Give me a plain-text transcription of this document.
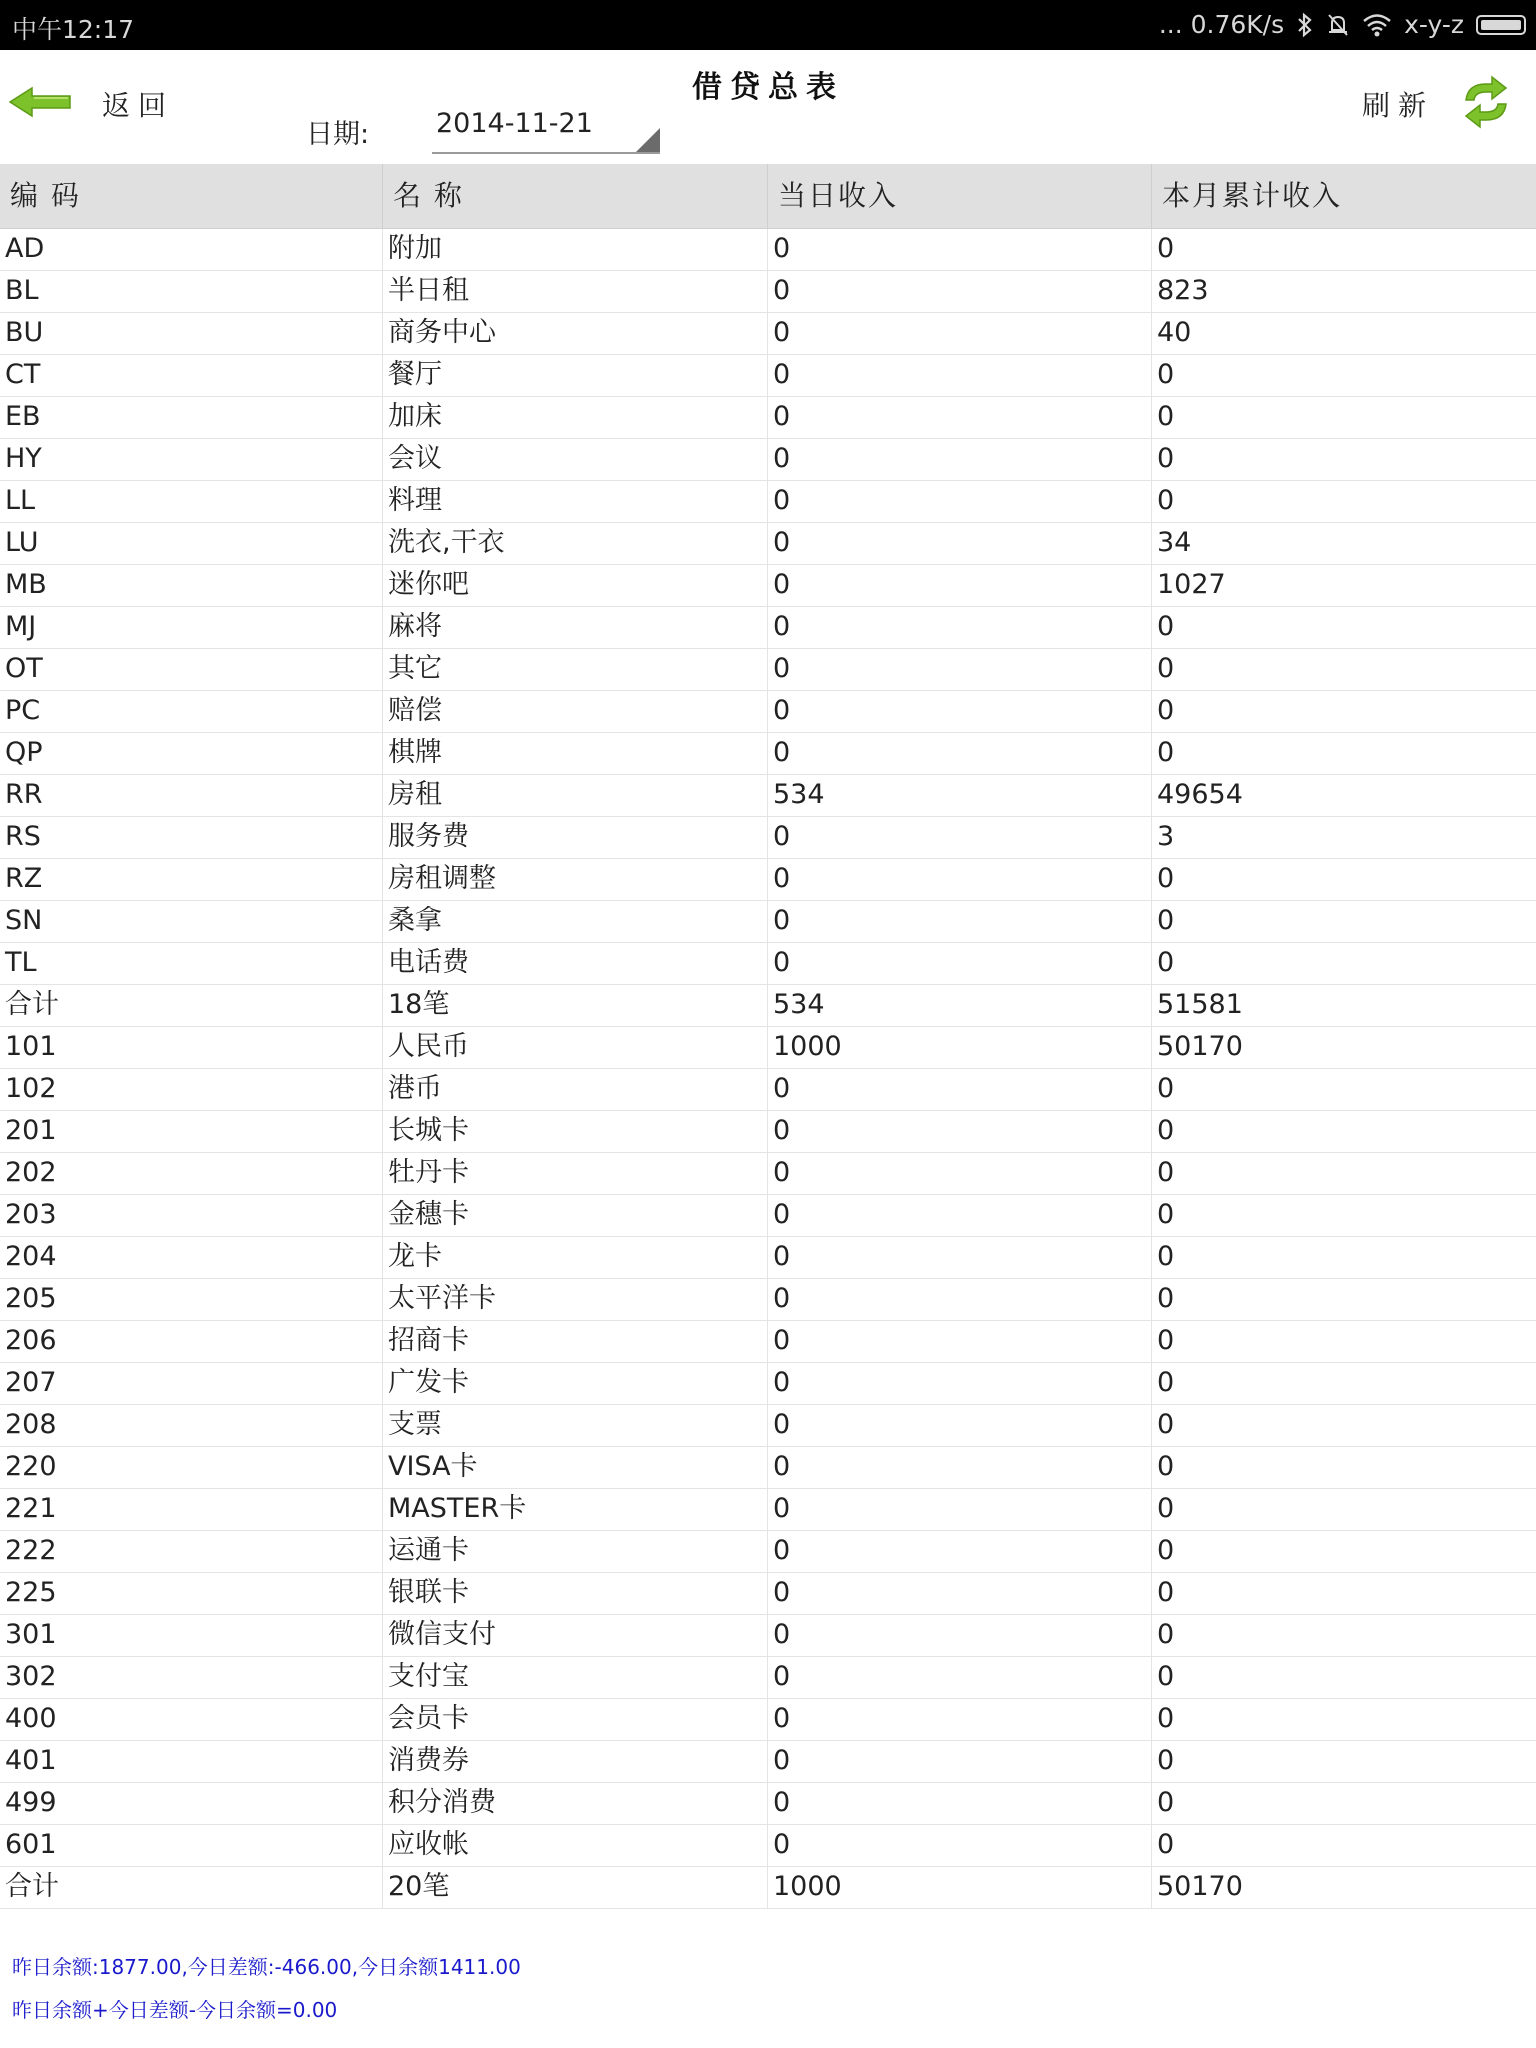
中午12:17	... 0.76K/s	x-y-z
返回
借贷总表
日期: 2014-11-21
刷新
编 码	名 称	当日收入	本月累计收入
AD	附加	0	0
BL	半日租	0	823
BU	商务中心	0	40
CT	餐厅	0	0
EB	加床	0	0
HY	会议	0	0
LL	料理	0	0
LU	洗衣,干衣	0	34
MB	迷你吧	0	1027
MJ	麻将	0	0
OT	其它	0	0
PC	赔偿	0	0
QP	棋牌	0	0
RR	房租	534	49654
RS	服务费	0	3
RZ	房租调整	0	0
SN	桑拿	0	0
TL	电话费	0	0
合计	18笔	534	51581
101	人民币	1000	50170
102	港币	0	0
201	长城卡	0	0
202	牡丹卡	0	0
203	金穗卡	0	0
204	龙卡	0	0
205	太平洋卡	0	0
206	招商卡	0	0
207	广发卡	0	0
208	支票	0	0
220	VISA卡	0	0
221	MASTER卡	0	0
222	运通卡	0	0
225	银联卡	0	0
301	微信支付	0	0
302	支付宝	0	0
400	会员卡	0	0
401	消费券	0	0
499	积分消费	0	0
601	应收帐	0	0
合计	20笔	1000	50170
昨日余额:1877.00,今日差额:-466.00,今日余额1411.00
昨日余额+今日差额-今日余额=0.00
